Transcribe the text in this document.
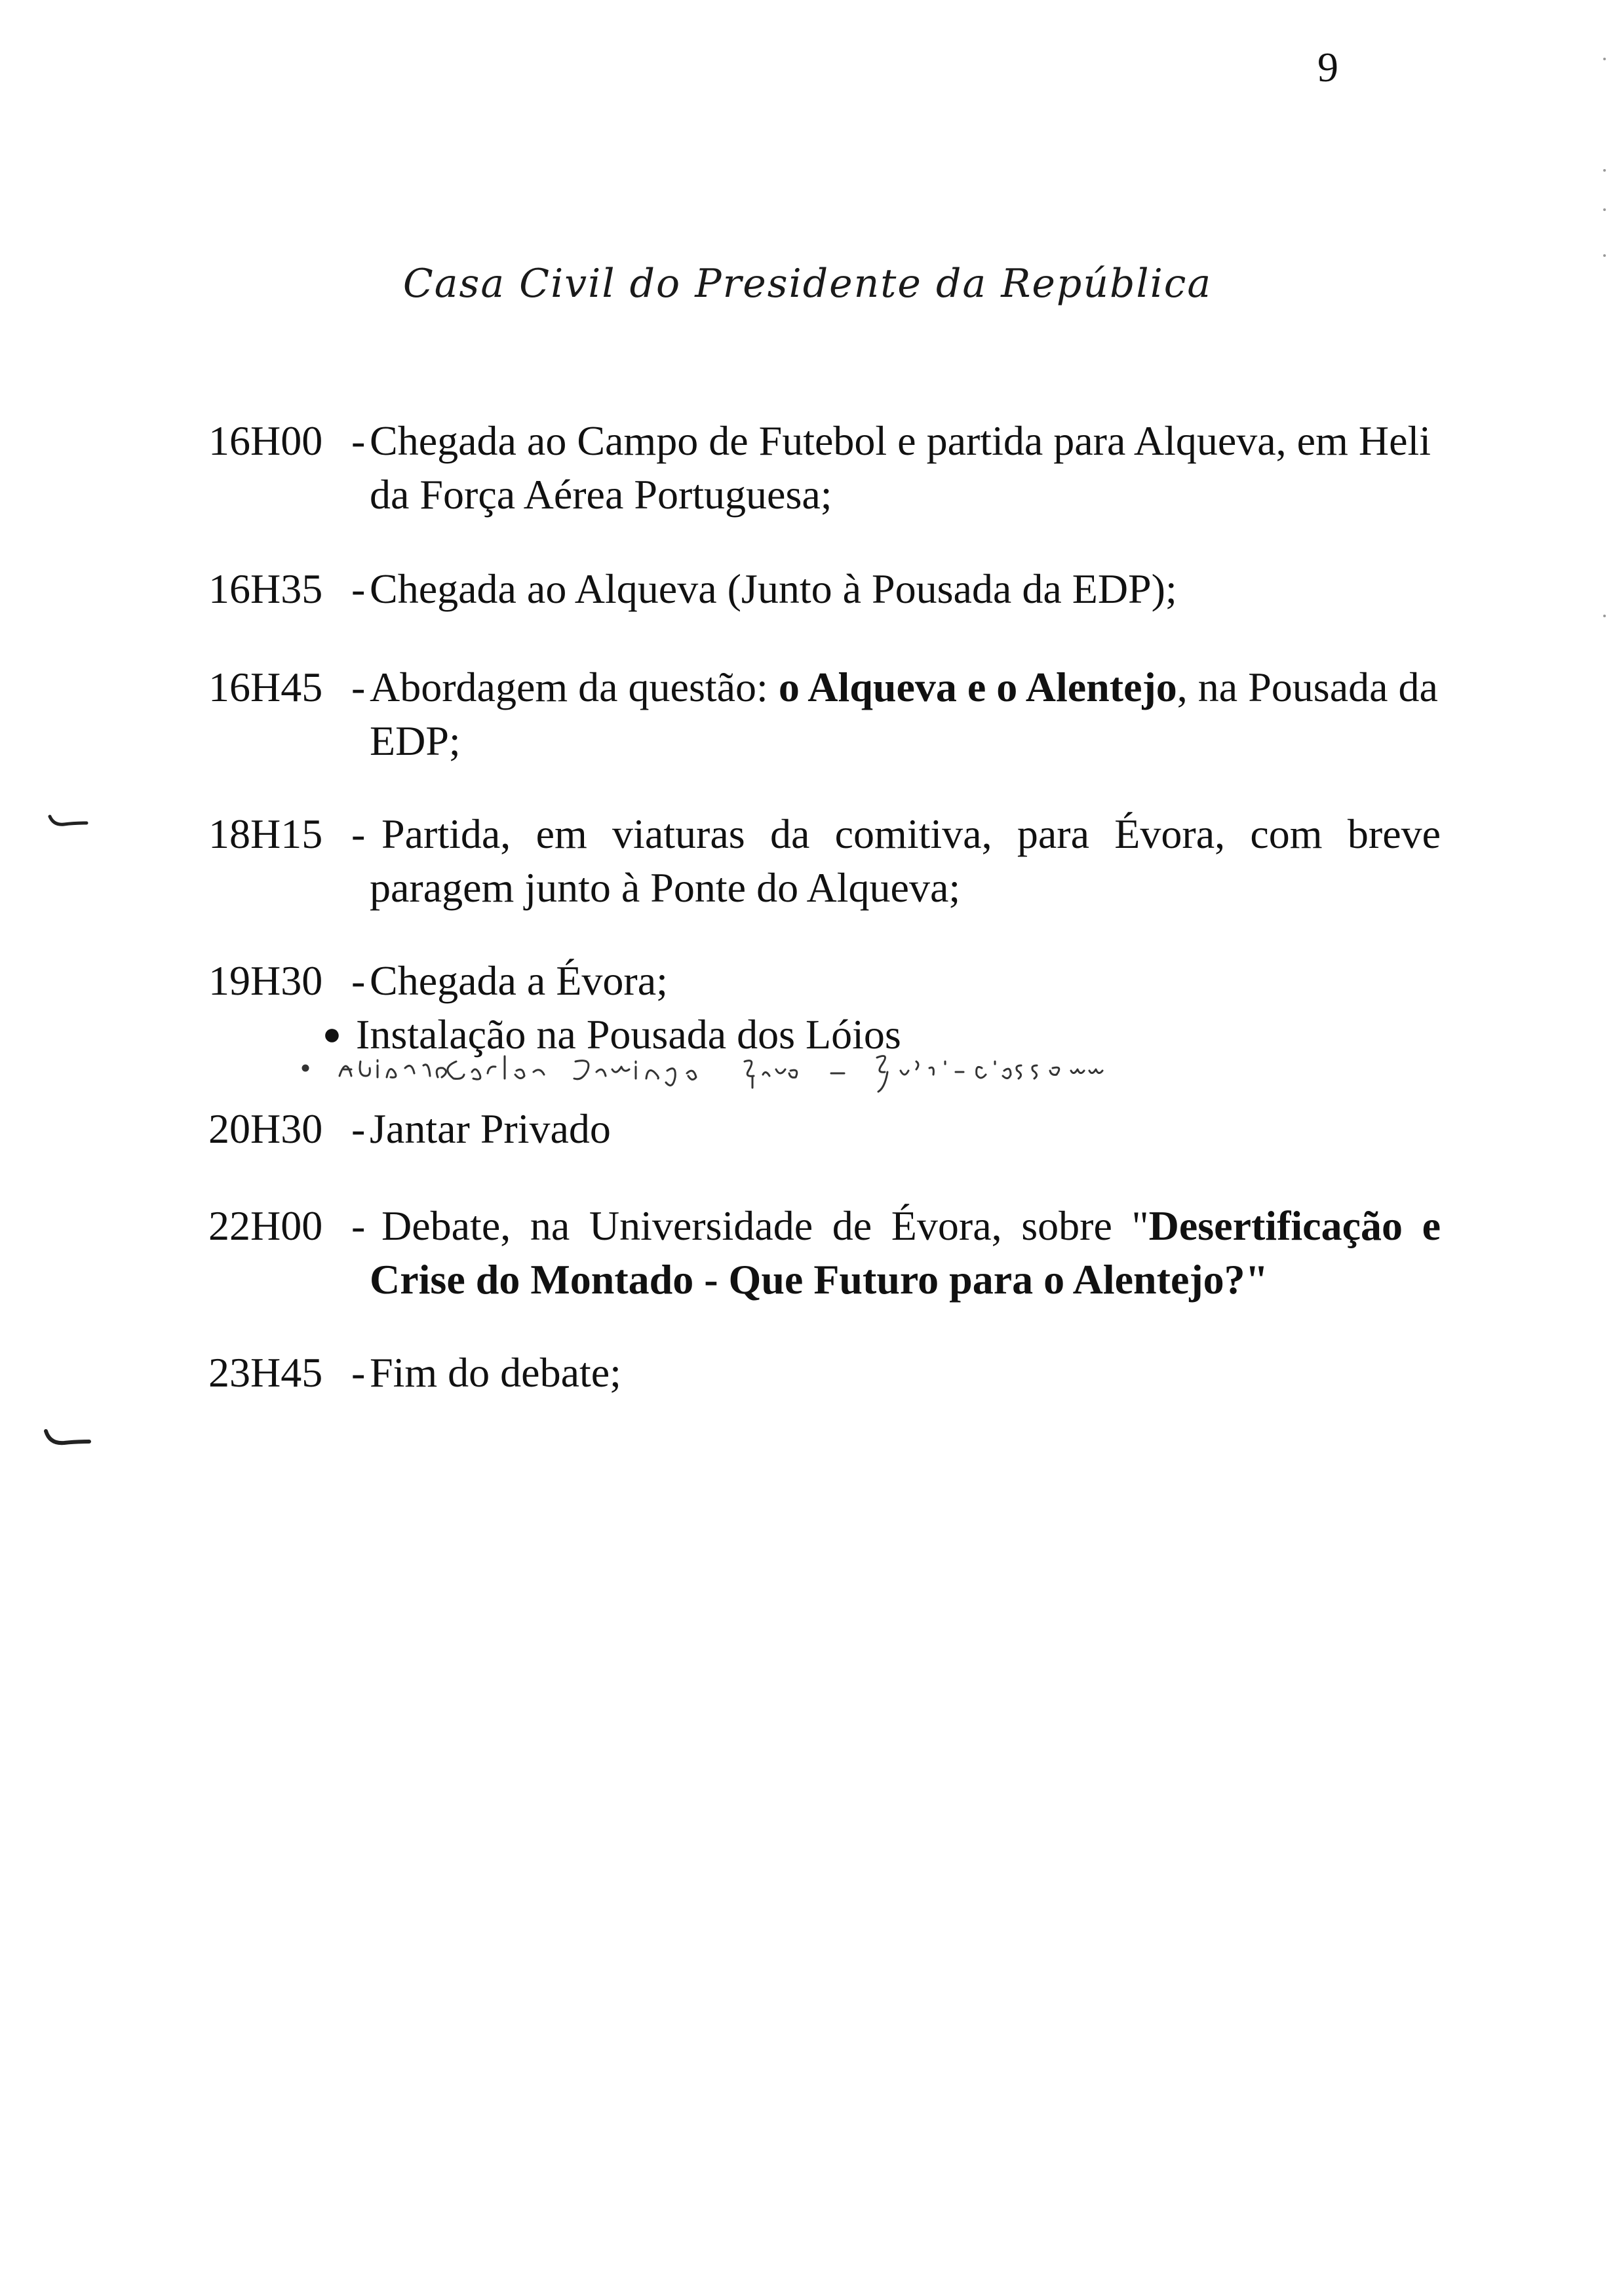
9
Casa Civil do Presidente da República
16H00 - Chegada ao Campo de Futebol e partida para Alqueva, em Heli
da Força Aérea Portuguesa;
16H35 - Chegada ao Alqueva (Junto à Pousada da EDP);
16H45 - Abordagem da questão: o Alqueva e o Alentejo, na Pousada da
EDP;
18H15 - Partida, em viaturas da comitiva, para Évora, com breve
paragem junto à Ponte do Alqueva;
19H30 - Chegada a Évora;
● Instalação na Pousada dos Lóios
20H30 - Jantar Privado
22H00 - Debate, na Universidade de Évora, sobre "Desertificação e
Crise do Montado - Que Futuro para o Alentejo?"
23H45 - Fim do debate;
